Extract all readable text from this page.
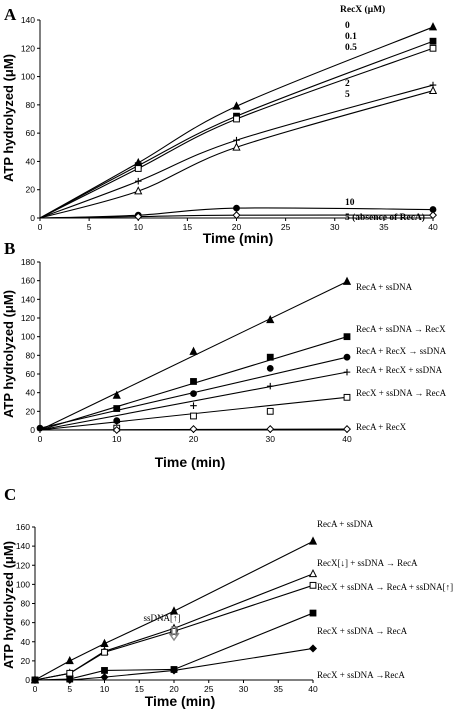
A
Time (min)
ATP hydrolyzed (μM)
RecX (μM)
0	5	10	15	20	25	30	35	40
0
20
40
60
80
100
120
140
0
0.1
0.5
2
5
10
5 (absence of RecA)
B
Time (min)
ATP hydrolyzed (μM)
0	10	20	30	40
0
20
40
60
80
100
120
140
160
180
RecA + ssDNA
RecA + ssDNA → RecX
RecA + RecX → ssDNA
RecA + RecX + ssDNA
RecX + ssDNA → RecA
RecA + RecX
C
Time (min)
ATP hydrolyzed (μM)
0	5	10	15	20	25	30	35	40
0
20
40
60
80
100
120
140
160	RecA + ssDNA
RecX[↓] + ssDNA → RecA
RecX + ssDNA → RecA + ssDNA[↑]
RecX + ssDNA → RecA
RecX + ssDNA →RecA
ssDNA[↑]
